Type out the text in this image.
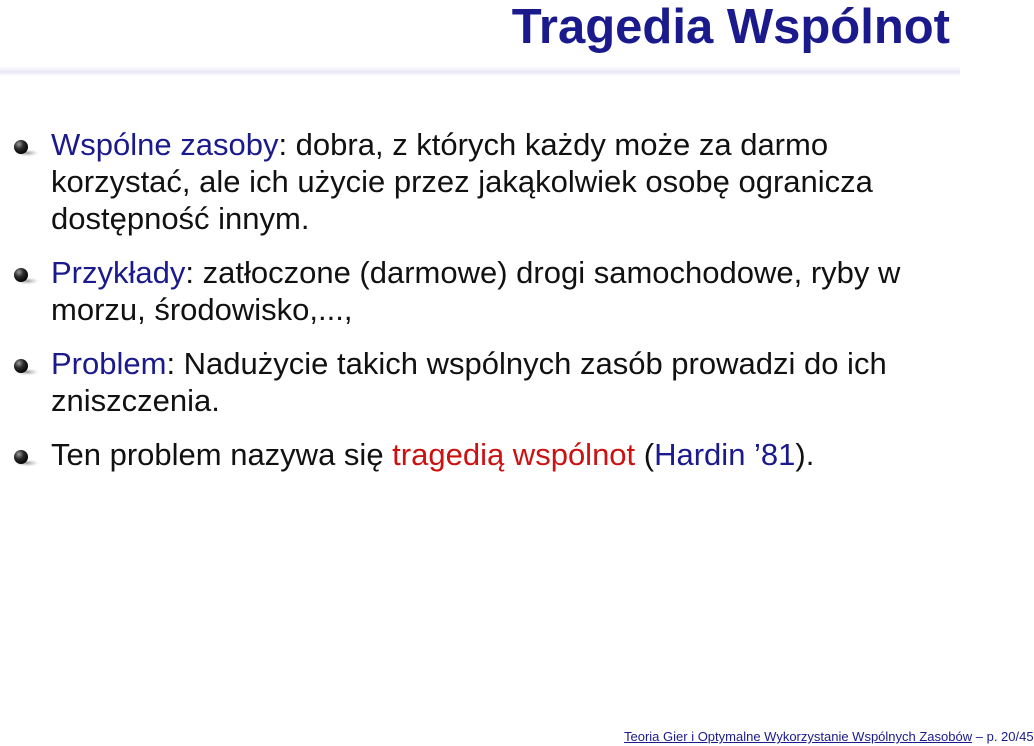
Tragedia Wspólnot
Wspólne zasoby: dobra, z których każdy może za darmo korzystać, ale ich użycie przez jakąkolwiek osobę ogranicza dostępność innym.
Przykłady: zatłoczone (darmowe) drogi samochodowe, ryby w morzu, środowisko,...,
Problem: Nadużycie takich wspólnych zasób prowadzi do ich zniszczenia.
Ten problem nazywa się tragedią wspólnot (Hardin ’81).
Teoria Gier i Optymalne Wykorzystanie Wspólnych Zasobów – p. 20/45
